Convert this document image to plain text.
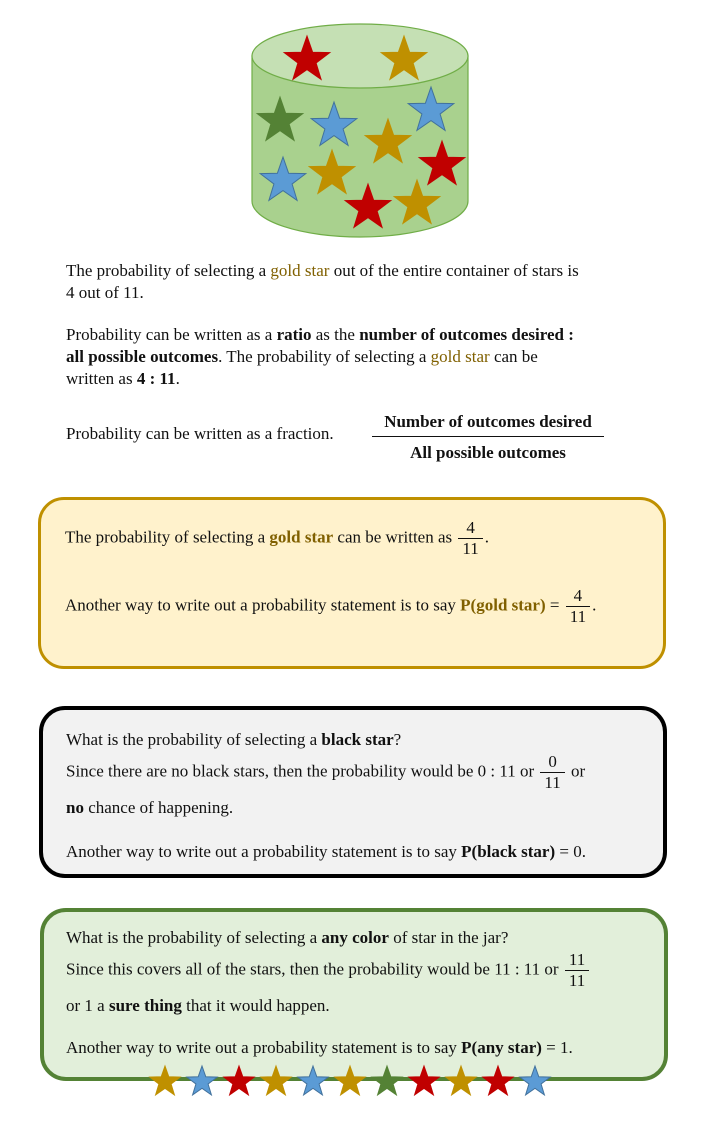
The probability of selecting a gold star out of the entire container of stars is

4 out of 11.

Probability can be written as a ratio as the number of outcomes desired :

all possible outcomes. The probability of selecting a gold star can be

written as 4 : 11.

Probability can be written as a fraction.

Number of outcomes desired
All possible outcomes
The probability of selecting a gold star can be written as $\frac{4}{11}$ .
Another way to write out a probability statement is to say P(gold star) = $\frac{4}{11}$ .
What is the probability of selecting a black star?
Since there are no black stars, then the probability would be 0 : 11 or $\frac{0}{11}$ or
no chance of happening.
Another way to write out a probability statement is to say P(black star) = 0.
What is the probability of selecting a any color of star in the jar?
Since this covers all of the stars, then the probability would be 11 : 11 or $\frac{11}{11}$
or 1 a sure thing that it would happen.
Another way to write out a probability statement is to say P(any star) = 1.
